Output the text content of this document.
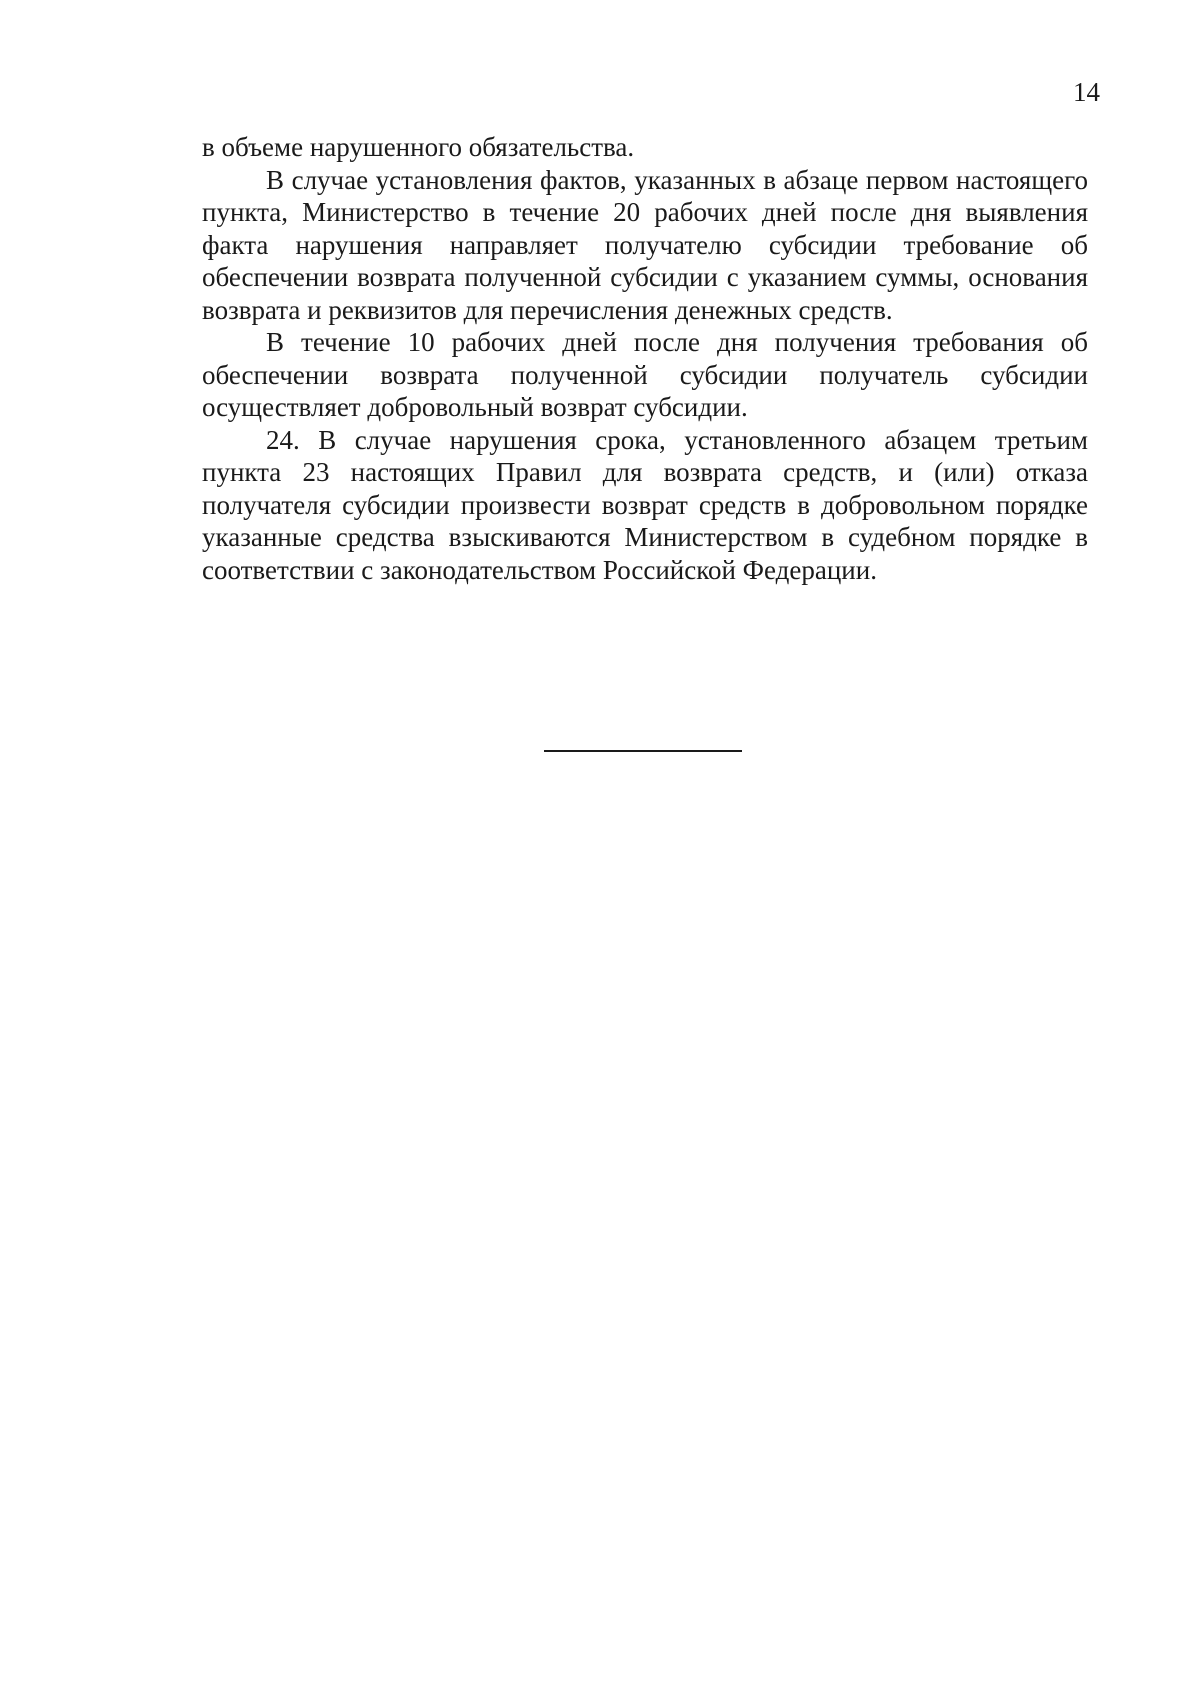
14

в объеме нарушенного обязательства.

В случае установления фактов, указанных в абзаце первом настоящего пункта, Министерство в течение 20 рабочих дней после дня выявления факта нарушения направляет получателю субсидии требование об обеспечении возврата полученной субсидии с указанием суммы, основания возврата и реквизитов для перечисления денежных средств.

В течение 10 рабочих дней после дня получения требования об обеспечении возврата полученной субсидии получатель субсидии осуществляет добровольный возврат субсидии.

24. В случае нарушения срока, установленного абзацем третьим пункта 23 настоящих Правил для возврата средств, и (или) отказа получателя субсидии произвести возврат средств в добровольном порядке указанные средства взыскиваются Министерством в судебном порядке в соответствии с законодательством Российской Федерации.
